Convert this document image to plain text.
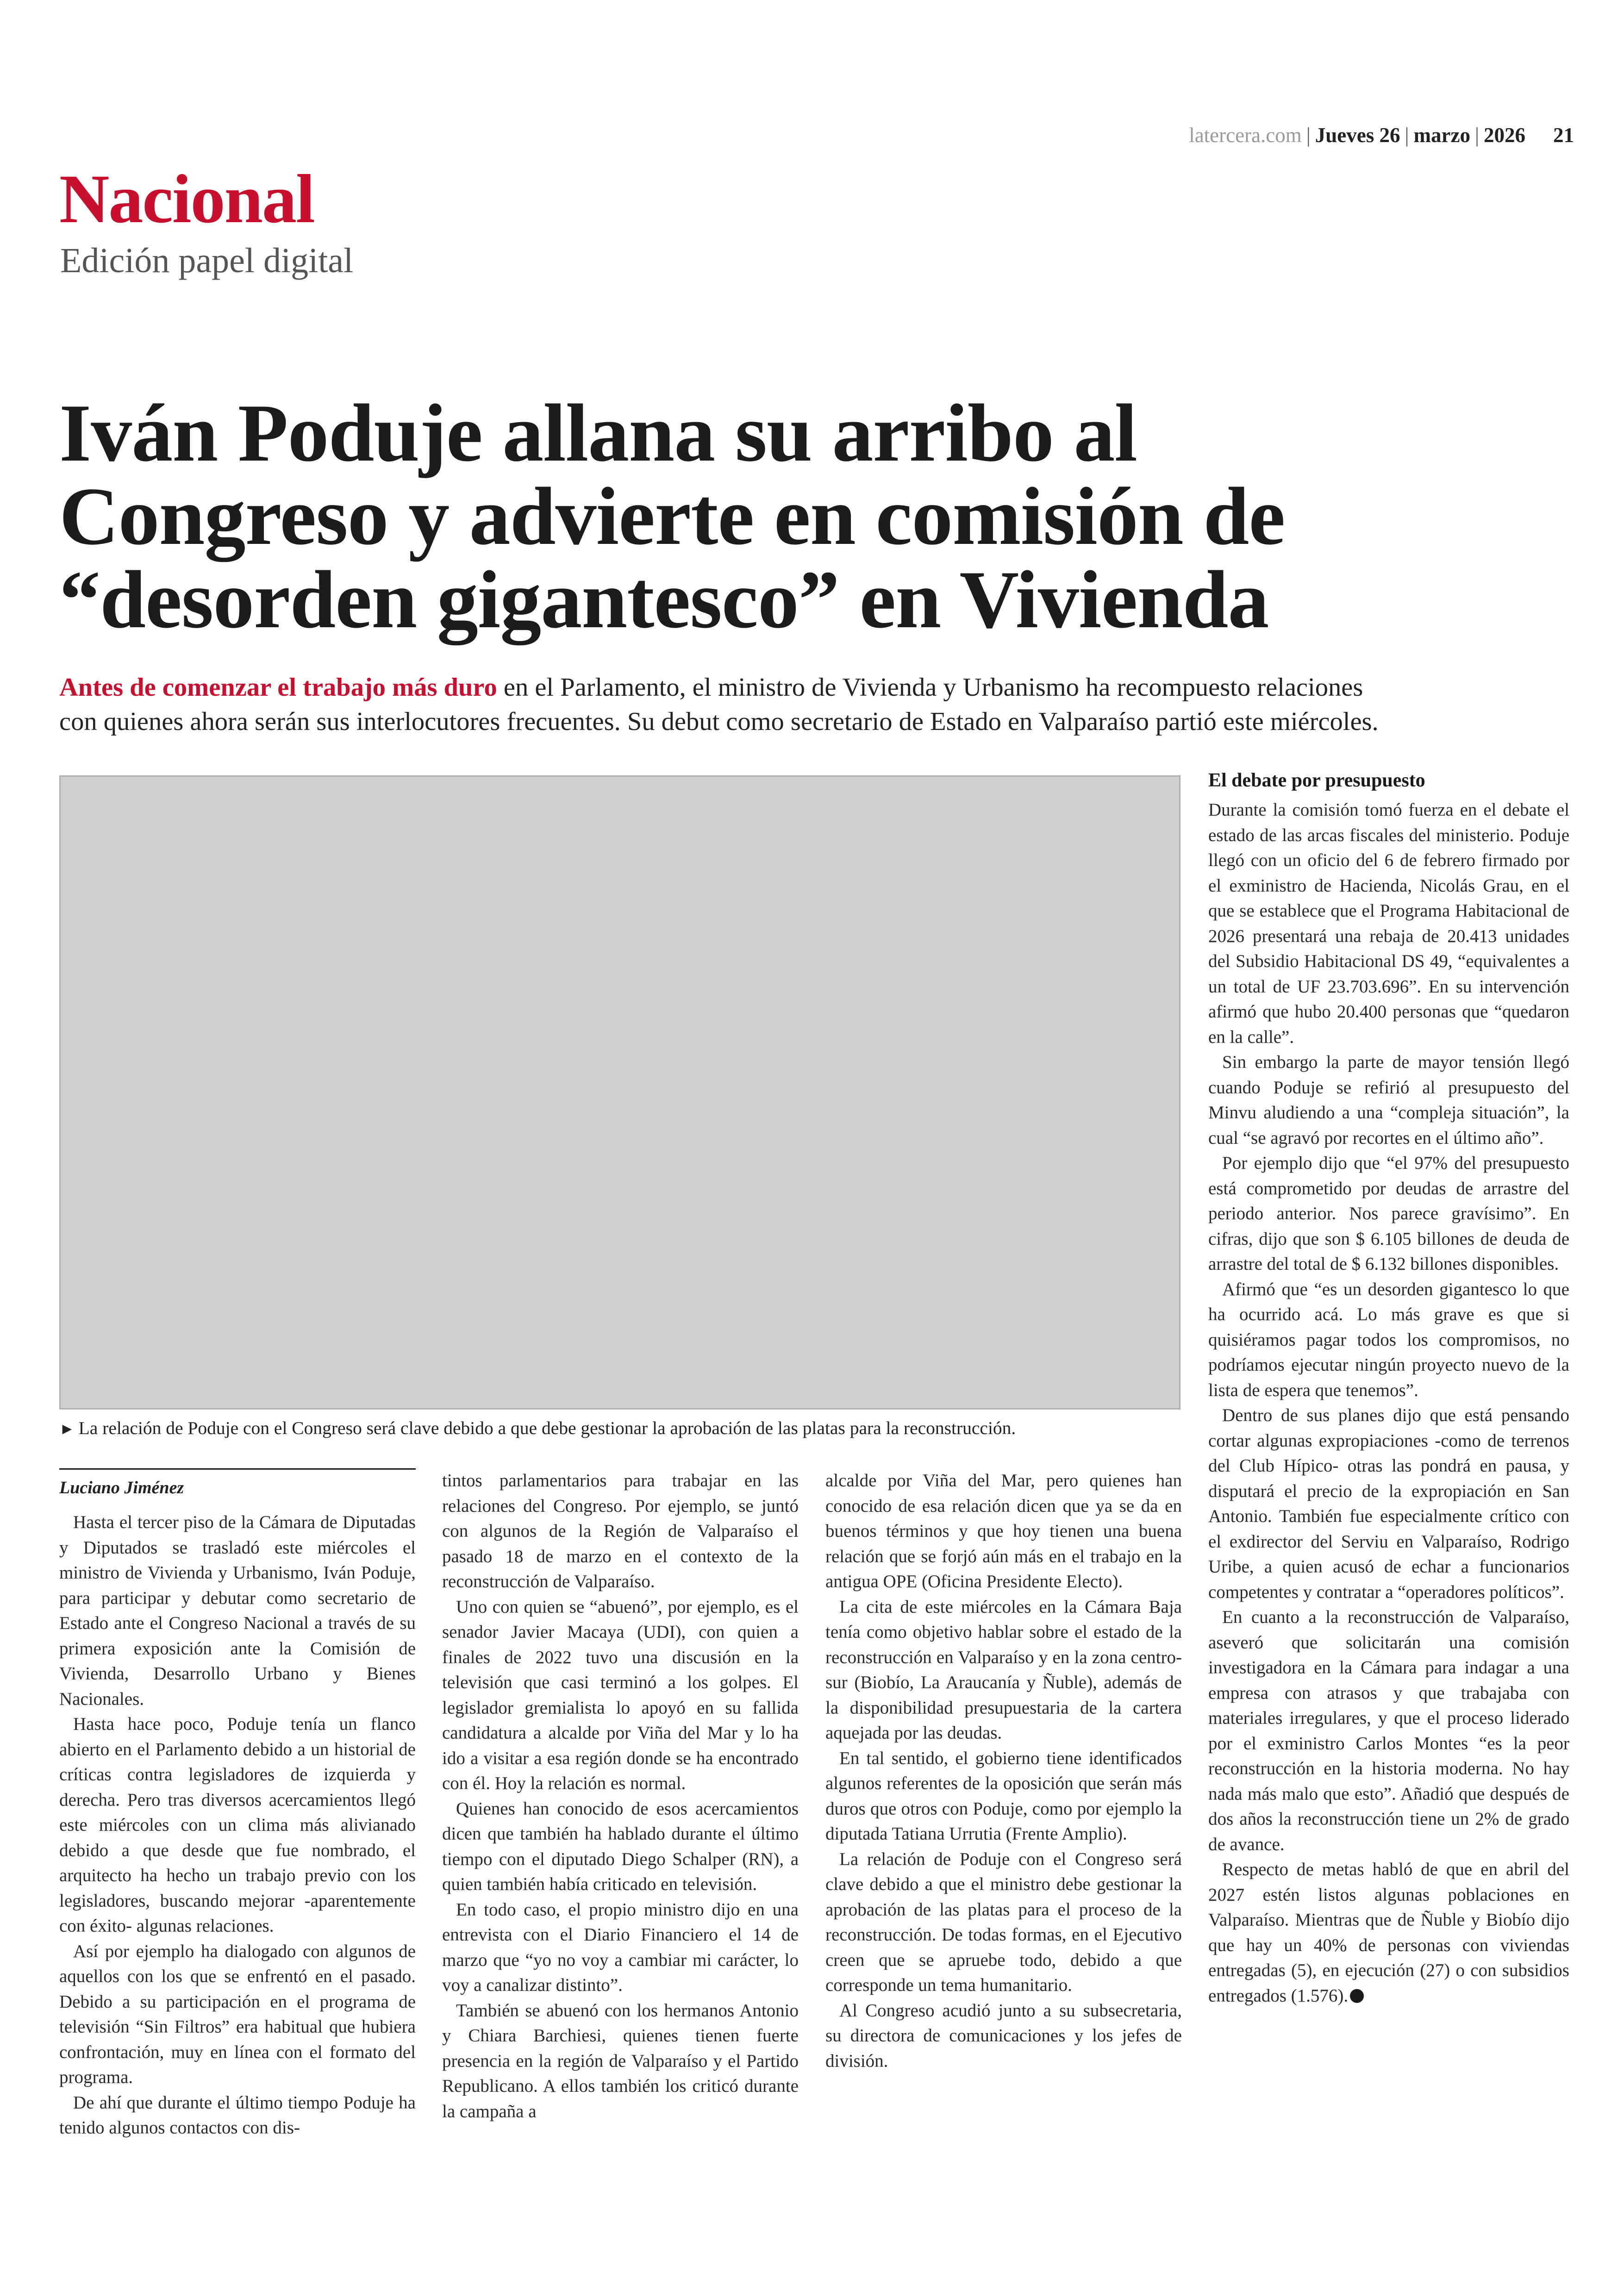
latercera.com | Jueves 26 | marzo | 2026 21
Nacional
Edición papel digital
Iván Poduje allana su arribo al
Congreso y advierte en comisión de
“desorden gigantesco” en Vivienda
Antes de comenzar el trabajo más duro en el Parlamento, el ministro de Vivienda y Urbanismo ha recompuesto relaciones
con quienes ahora serán sus interlocutores frecuentes. Su debut como secretario de Estado en Valparaíso partió este miércoles.
► La relación de Poduje con el Congreso será clave debido a que debe gestionar la aprobación de las platas para la reconstrucción.
Luciano Jiménez

Hasta el tercer piso de la Cámara de Diputadas y Diputados se trasladó este miércoles el ministro de Vivienda y Urbanismo, Iván Poduje, para participar y debutar como secretario de Estado ante el Congreso Nacional a través de su primera exposición ante la Comisión de Vivienda, Desarrollo Urbano y Bienes Nacionales.

Hasta hace poco, Poduje tenía un flanco abierto en el Parlamento debido a un historial de críticas contra legisladores de izquierda y derecha. Pero tras diversos acercamientos llegó este miércoles con un clima más alivianado debido a que desde que fue nombrado, el arquitecto ha hecho un trabajo previo con los legisladores, buscando mejorar -aparentemente con éxito- algunas relaciones.

Así por ejemplo ha dialogado con algunos de aquellos con los que se enfrentó en el pasado. Debido a su participación en el programa de televisión “Sin Filtros” era habitual que hubiera confrontación, muy en línea con el formato del programa.

De ahí que durante el último tiempo Poduje ha tenido algunos contactos con dis-

tintos parlamentarios para trabajar en las relaciones del Congreso. Por ejemplo, se juntó con algunos de la Región de Valparaíso el pasado 18 de marzo en el contexto de la reconstrucción de Valparaíso.

Uno con quien se “abuenó”, por ejemplo, es el senador Javier Macaya (UDI), con quien a finales de 2022 tuvo una discusión en la televisión que casi terminó a los golpes. El legislador gremialista lo apoyó en su fallida candidatura a alcalde por Viña del Mar y lo ha ido a visitar a esa región donde se ha encontrado con él. Hoy la relación es normal.

Quienes han conocido de esos acercamientos dicen que también ha hablado durante el último tiempo con el diputado Diego Schalper (RN), a quien también había criticado en televisión.

En todo caso, el propio ministro dijo en una entrevista con el Diario Financiero el 14 de marzo que “yo no voy a cambiar mi carácter, lo voy a canalizar distinto”.

También se abuenó con los hermanos Antonio y Chiara Barchiesi, quienes tienen fuerte presencia en la región de Valparaíso y el Partido Republicano. A ellos también los criticó durante la campaña a

alcalde por Viña del Mar, pero quienes han conocido de esa relación dicen que ya se da en buenos términos y que hoy tienen una buena relación que se forjó aún más en el trabajo en la antigua OPE (Oficina Presidente Electo).

La cita de este miércoles en la Cámara Baja tenía como objetivo hablar sobre el estado de la reconstrucción en Valparaíso y en la zona centro-sur (Biobío, La Araucanía y Ñuble), además de la disponibilidad presupuestaria de la cartera aquejada por las deudas.

En tal sentido, el gobierno tiene identificados algunos referentes de la oposición que serán más duros que otros con Poduje, como por ejemplo la diputada Tatiana Urrutia (Frente Amplio).

La relación de Poduje con el Congreso será clave debido a que el ministro debe gestionar la aprobación de las platas para el proceso de la reconstrucción. De todas formas, en el Ejecutivo creen que se apruebe todo, debido a que corresponde un tema humanitario.

Al Congreso acudió junto a su subsecretaria, su directora de comunicaciones y los jefes de división.

El debate por presupuesto

Durante la comisión tomó fuerza en el debate el estado de las arcas fiscales del ministerio. Poduje llegó con un oficio del 6 de febrero firmado por el exministro de Hacienda, Nicolás Grau, en el que se establece que el Programa Habitacional de 2026 presentará una rebaja de 20.413 unidades del Subsidio Habitacional DS 49, “equivalentes a un total de UF 23.703.696”. En su intervención afirmó que hubo 20.400 personas que “quedaron en la calle”.

Sin embargo la parte de mayor tensión llegó cuando Poduje se refirió al presupuesto del Minvu aludiendo a una “compleja situación”, la cual “se agravó por recortes en el último año”.

Por ejemplo dijo que “el 97% del presupuesto está comprometido por deudas de arrastre del periodo anterior. Nos parece gravísimo”. En cifras, dijo que son $ 6.105 billones de deuda de arrastre del total de $ 6.132 billones disponibles.

Afirmó que “es un desorden gigantesco lo que ha ocurrido acá. Lo más grave es que si quisiéramos pagar todos los compromisos, no podríamos ejecutar ningún proyecto nuevo de la lista de espera que tenemos”.

Dentro de sus planes dijo que está pensando cortar algunas expropiaciones -como de terrenos del Club Hípico- otras las pondrá en pausa, y disputará el precio de la expropiación en San Antonio. También fue especialmente crítico con el exdirector del Serviu en Valparaíso, Rodrigo Uribe, a quien acusó de echar a funcionarios competentes y contratar a “operadores políticos”.

En cuanto a la reconstrucción de Valparaíso, aseveró que solicitarán una comisión investigadora en la Cámara para indagar a una empresa con atrasos y que trabajaba con materiales irregulares, y que el proceso liderado por el exministro Carlos Montes “es la peor reconstrucción en la historia moderna. No hay nada más malo que esto”. Añadió que después de dos años la reconstrucción tiene un 2% de grado de avance.

Respecto de metas habló de que en abril del 2027 estén listos algunas poblaciones en Valparaíso. Mientras que de Ñuble y Biobío dijo que hay un 40% de personas con viviendas entregadas (5), en ejecución (27) o con subsidios entregados (1.576).
